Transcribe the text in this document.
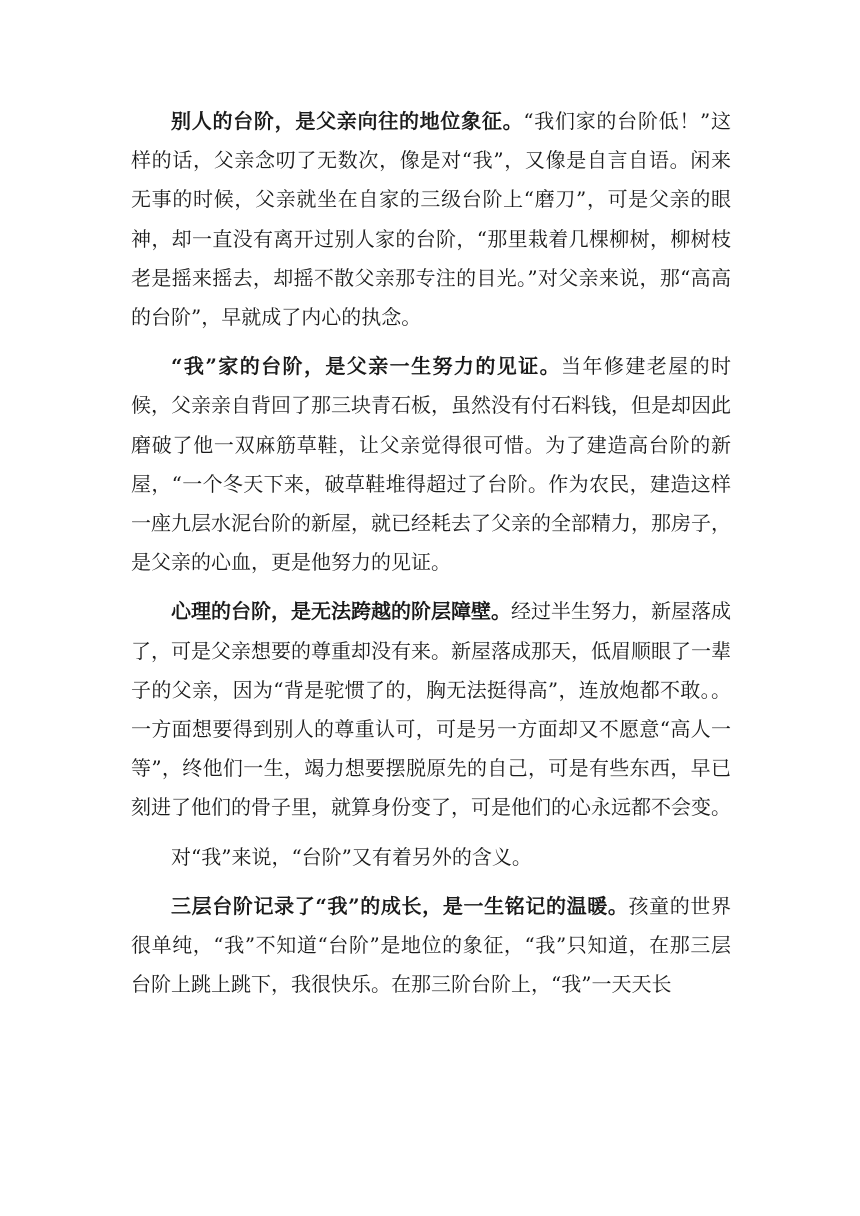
别人的台阶，是父亲向往的地位象征。“我们家的台阶低！”这样的话，父亲念叨了无数次，像是对“我”，又像是自言自语。闲来无事的时候，父亲就坐在自家的三级台阶上“磨刀”，可是父亲的眼神，却一直没有离开过别人家的台阶，“那里栽着几棵柳树，柳树枝老是摇来摇去，却摇不散父亲那专注的目光。”对父亲来说，那“高高的台阶”，早就成了内心的执念。

“我”家的台阶，是父亲一生努力的见证。当年修建老屋的时候，父亲亲自背回了那三块青石板，虽然没有付石料钱，但是却因此磨破了他一双麻筋草鞋，让父亲觉得很可惜。为了建造高台阶的新屋，“一个冬天下来，破草鞋堆得超过了台阶。作为农民，建造这样一座九层水泥台阶的新屋，就已经耗去了父亲的全部精力，那房子，是父亲的心血，更是他努力的见证。

心理的台阶，是无法跨越的阶层障壁。经过半生努力，新屋落成了，可是父亲想要的尊重却没有来。新屋落成那天，低眉顺眼了一辈子的父亲，因为“背是驼惯了的，胸无法挺得高”，连放炮都不敢。。一方面想要得到别人的尊重认可，可是另一方面却又不愿意“高人一等”，终他们一生，竭力想要摆脱原先的自己，可是有些东西，早已刻进了他们的骨子里，就算身份变了，可是他们的心永远都不会变。

对“我”来说，“台阶”又有着另外的含义。

三层台阶记录了“我”的成长，是一生铭记的温暖。孩童的世界很单纯，“我”不知道“台阶”是地位的象征，“我”只知道，在那三层台阶上跳上跳下，我很快乐。在那三阶台阶上，“我”一天天长
